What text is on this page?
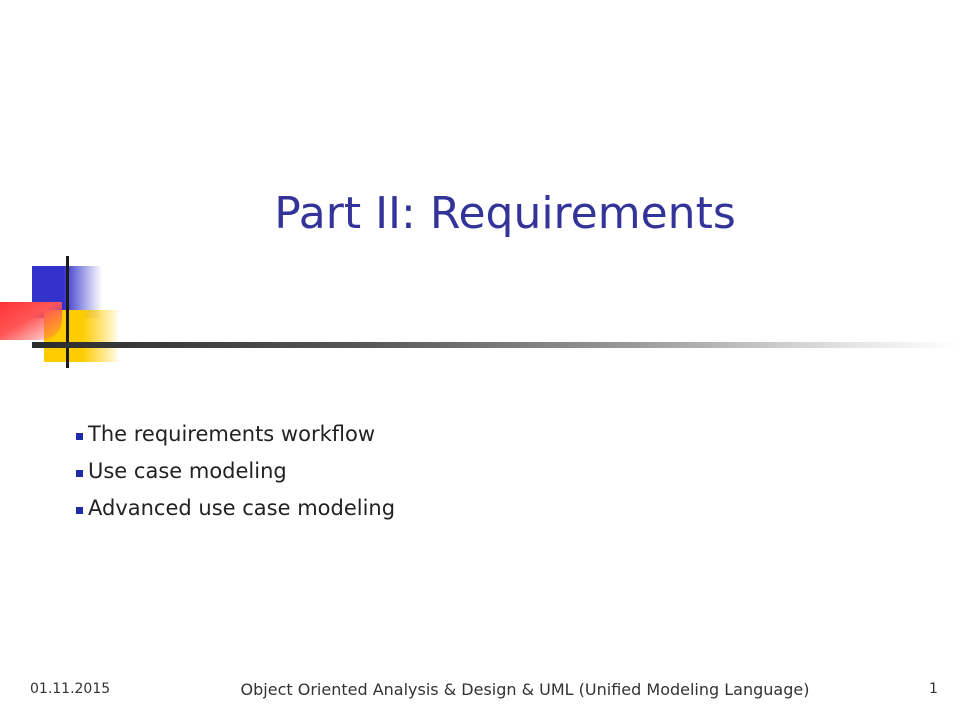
Part II: Requirements
The requirements workflow
Use case modeling
Advanced use case modeling
01.11.2015	Object Oriented Analysis & Design & UML (Unified Modeling Language)	1
